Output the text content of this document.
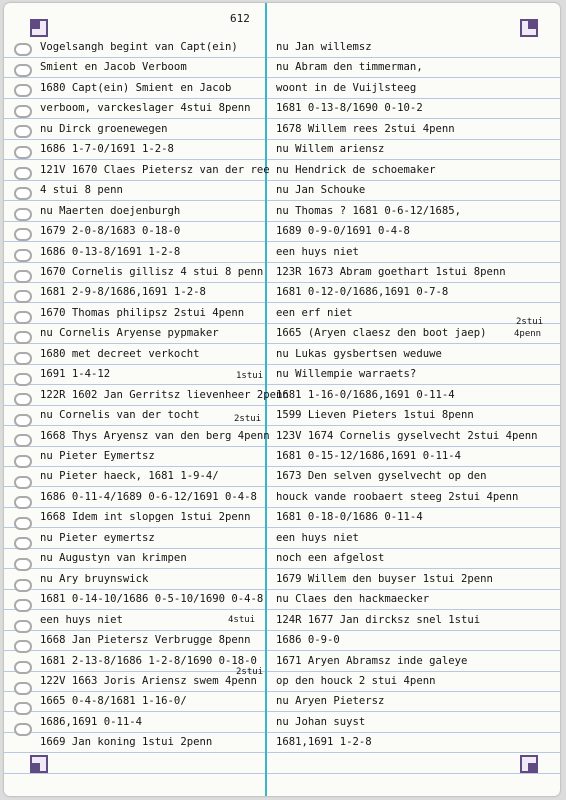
612
Vogelsangh begint van Capt(ein)
Smient en Jacob Verboom
1680 Capt(ein) Smient en Jacob
verboom, varckeslager 4stui 8penn
nu Dirck groenewegen
1686 1-7-0/1691 1-2-8
121V 1670 Claes Pietersz van der ree
4 stui 8 penn
nu Maerten doejenburgh
1679 2-0-8/1683 0-18-0
1686 0-13-8/1691 1-2-8
1670 Cornelis gillisz 4 stui 8 penn
1681 2-9-8/1686,1691 1-2-8
1670 Thomas philipsz 2stui 4penn
nu Cornelis Aryense pypmaker
1680 met decreet verkocht
1691 1-4-12
122R 1602 Jan Gerritsz lievenheer 2penn
nu Cornelis van der tocht
1668 Thys Aryensz van den berg 4penn
nu Pieter Eymertsz
nu Pieter haeck, 1681 1-9-4/
1686 0-11-4/1689 0-6-12/1691 0-4-8
1668 Idem int slopgen 1stui 2penn
nu Pieter eymertsz
nu Augustyn van krimpen
nu Ary bruynswick
1681 0-14-10/1686 0-5-10/1690 0-4-8
een huys niet
1668 Jan Pietersz Verbrugge 8penn
1681 2-13-8/1686 1-2-8/1690 0-18-0
122V 1663 Joris Ariensz swem 4penn
1665 0-4-8/1681 1-16-0/
1686,1691 0-11-4
1669 Jan koning 1stui 2penn
nu Jan willemsz
nu Abram den timmerman,
woont in de Vuijlsteeg
1681 0-13-8/1690 0-10-2
1678 Willem rees 2stui 4penn
nu Willem ariensz
nu Hendrick de schoemaker
nu Jan Schouke
nu Thomas ? 1681 0-6-12/1685,
1689 0-9-0/1691 0-4-8
een huys niet
123R 1673 Abram goethart 1stui 8penn
1681 0-12-0/1686,1691 0-7-8
een erf niet
1665 (Aryen claesz den boot jaep)
nu Lukas gysbertsen weduwe
nu Willempie warraets?
1681 1-16-0/1686,1691 0-11-4
1599 Lieven Pieters 1stui 8penn
123V 1674 Cornelis gyselvecht 2stui 4penn
1681 0-15-12/1686,1691 0-11-4
1673 Den selven gyselvecht op den
houck vande roobaert steeg 2stui 4penn
1681 0-18-0/1686 0-11-4
een huys niet
noch een afgelost
1679 Willem den buyser 1stui 2penn
nu Claes den hackmaecker
124R 1677 Jan dircksz snel 1stui
1686 0-9-0
1671 Aryen Abramsz inde galeye
op den houck 2 stui 4penn
nu Aryen Pietersz
nu Johan suyst
1681,1691 1-2-8
1stui
2stui
4stui
2stui
2stui
4penn
